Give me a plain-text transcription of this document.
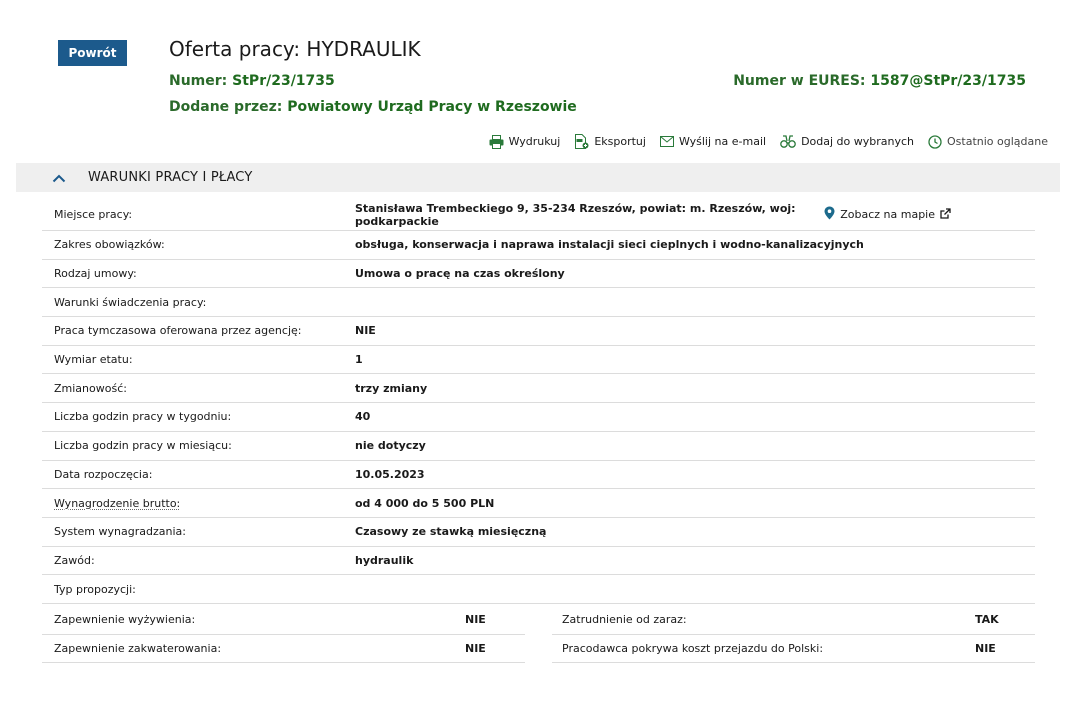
Powrót	Oferta pracy: HYDRAULIK
Numer: StPr/23/1735	Numer w EURES: 1587@StPr/23/1735
Dodane przez: Powiatowy Urząd Pracy w Rzeszowie
Wydrukuj	Eksportuj	Wyślij na e-mail	Dodaj do wybranych	Ostatnio oglądane
WARUNKI PRACY I PŁACY
Miejsce pracy:	Stanisława Trembeckiego 9, 35-234 Rzeszów, powiat: m. Rzeszów, woj: podkarpackie	Zobacz na mapie
Zakres obowiązków:	obsługa, konserwacja i naprawa instalacji sieci cieplnych i wodno-kanalizacyjnych
Rodzaj umowy:	Umowa o pracę na czas określony
Warunki świadczenia pracy:
Praca tymczasowa oferowana przez agencję:	NIE
Wymiar etatu:	1
Zmianowość:	trzy zmiany
Liczba godzin pracy w tygodniu:	40
Liczba godzin pracy w miesiącu:	nie dotyczy
Data rozpoczęcia:	10.05.2023
Wynagrodzenie brutto:	od 4 000 do 5 500 PLN
System wynagradzania:	Czasowy ze stawką miesięczną
Zawód:	hydraulik
Typ propozycji:
Zapewnienie wyżywienia:	NIE	Zatrudnienie od zaraz:	TAK
Zapewnienie zakwaterowania:	NIE	Pracodawca pokrywa koszt przejazdu do Polski:	NIE
